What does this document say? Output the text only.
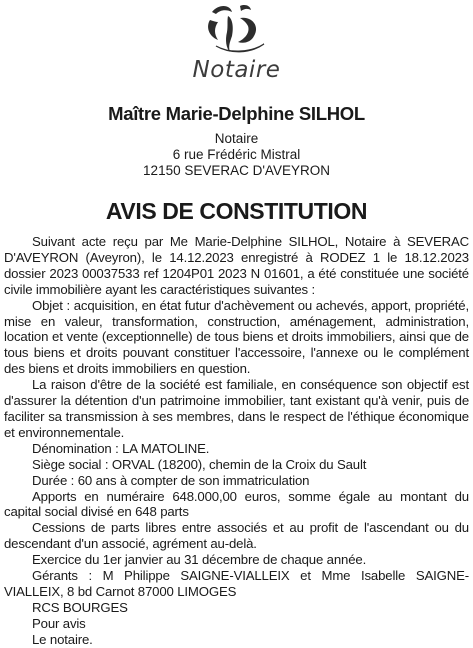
Notaire
Maître Marie-Delphine SILHOL
Notaire
6 rue Frédéric Mistral
12150 SEVERAC D'AVEYRON
AVIS DE CONSTITUTION

Suivant acte reçu par Me Marie-Delphine SILHOL, Notaire à SEVERAC D'AVEYRON (Aveyron), le 14.12.2023 enregistré à RODEZ 1 le 18.12.2023 dossier 2023 00037533 ref 1204P01 2023 N 01601, a été constituée une société civile immobilière ayant les caractéristiques suivantes :

Objet : acquisition, en état futur d'achèvement ou achevés, apport, propriété, mise en valeur, transformation, construction, aménagement, administration, location et vente (exceptionnelle) de tous biens et droits immobiliers, ainsi que de tous biens et droits pouvant constituer l'accessoire, l'annexe ou le complément des biens et droits immobiliers en question.

La raison d'être de la société est familiale, en conséquence son objectif est d'assurer la détention d'un patrimoine immobilier, tant existant qu'à venir, puis de faciliter sa transmission à ses membres, dans le respect de l'éthique économique et environnementale.

Dénomination : LA MATOLINE.

Siège social : ORVAL (18200), chemin de la Croix du Sault

Durée : 60 ans à compter de son immatriculation

Apports en numéraire 648.000,00 euros, somme égale au montant du capital social divisé en 648 parts

Cessions de parts libres entre associés et au profit de l'ascendant ou du descendant d'un associé, agrément au-delà.

Exercice du 1er janvier au 31 décembre de chaque année.

Gérants : M Philippe SAIGNE-VIALLEIX et Mme Isabelle SAIGNE-VIALLEIX, 8 bd Carnot 87000 LIMOGES

RCS BOURGES

Pour avis

Le notaire.
